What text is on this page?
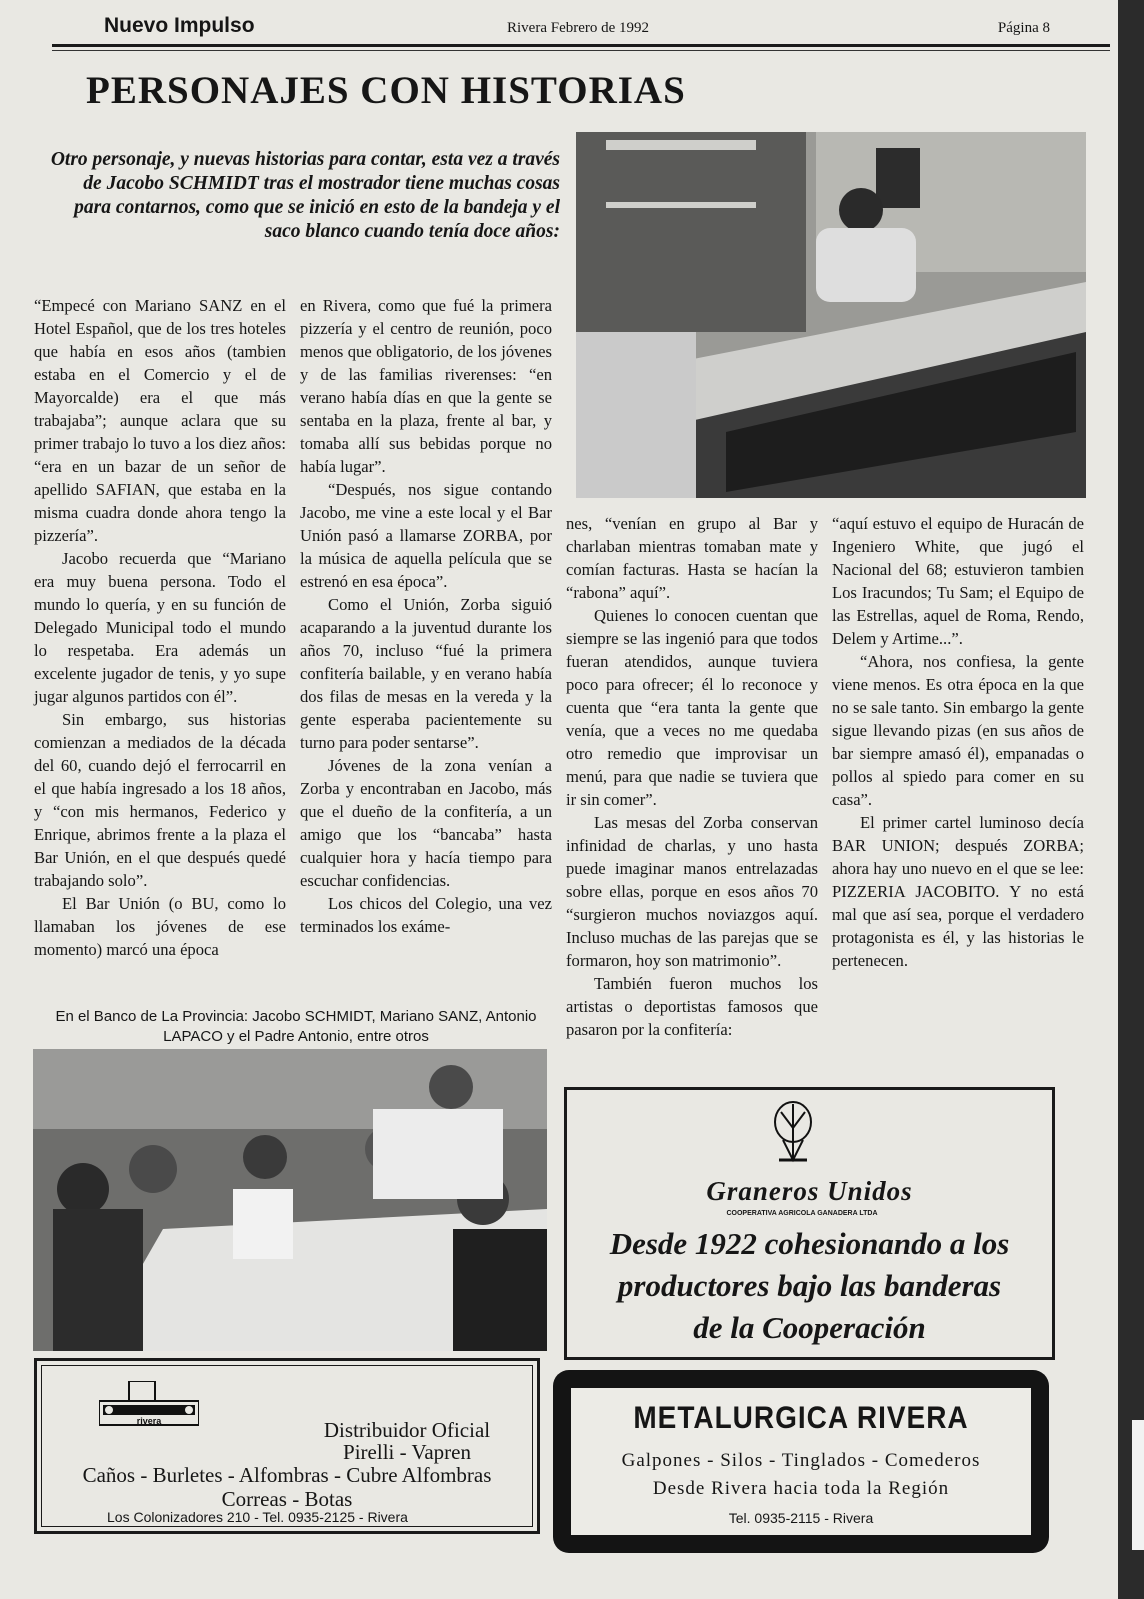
Nuevo Impulso	Rivera Febrero de 1992	Página 8
PERSONAJES CON HISTORIAS

Otro personaje, y nuevas historias para contar, esta vez a través de Jacobo SCHMIDT tras el mostrador tiene muchas cosas para contarnos, como que se inició en esto de la bandeja y el saco blanco cuando tenía doce años:

“Empecé con Mariano SANZ en el Hotel Español, que de los tres hoteles que había en esos años (tambien estaba en el Comercio y el de Mayorcalde) era el que más trabajaba”; aunque aclara que su primer trabajo lo tuvo a los diez años: “era en un bazar de un señor de apellido SAFIAN, que estaba en la misma cuadra donde ahora tengo la pizzería”.

Jacobo recuerda que “Mariano era muy buena persona. Todo el mundo lo quería, y en su función de Delegado Municipal todo el mundo lo respetaba. Era además un excelente jugador de tenis, y yo supe jugar algunos partidos con él”.

Sin embargo, sus historias comienzan a mediados de la década del 60, cuando dejó el ferrocarril en el que había ingresado a los 18 años, y “con mis hermanos, Federico y Enrique, abrimos frente a la plaza el Bar Unión, en el que después quedé trabajando solo”.

El Bar Unión (o BU, como lo llamaban los jóvenes de ese momento) marcó una época

en Rivera, como que fué la primera pizzería y el centro de reunión, poco menos que obligatorio, de los jóvenes y de las familias riverenses: “en verano había días en que la gente se sentaba en la plaza, frente al bar, y tomaba allí sus bebidas porque no había lugar”.

“Después, nos sigue contando Jacobo, me vine a este local y el Bar Unión pasó a llamarse ZORBA, por la música de aquella película que se estrenó en esa época”.

Como el Unión, Zorba siguió acaparando a la juventud durante los años 70, incluso “fué la primera confitería bailable, y en verano había dos filas de mesas en la vereda y la gente esperaba pacientemente su turno para poder sentarse”.

Jóvenes de la zona venían a Zorba y encontraban en Jacobo, más que el dueño de la confitería, a un amigo que los “bancaba” hasta cualquier hora y hacía tiempo para escuchar confidencias.

Los chicos del Colegio, una vez terminados los exáme-

nes, “venían en grupo al Bar y charlaban mientras tomaban mate y comían facturas. Hasta se hacían la “rabona” aquí”.

Quienes lo conocen cuentan que siempre se las ingenió para que todos fueran atendidos, aunque tuviera poco para ofrecer; él lo reconoce y cuenta que “era tanta la gente que venía, que a veces no me quedaba otro remedio que improvisar un menú, para que nadie se tuviera que ir sin comer”.

Las mesas del Zorba conservan infinidad de charlas, y uno hasta puede imaginar manos entrelazadas sobre ellas, porque en esos años 70 “surgieron muchos noviazgos aquí. Incluso muchas de las parejas que se formaron, hoy son matrimonio”.

También fueron muchos los artistas o deportistas famosos que pasaron por la confitería:

“aquí estuvo el equipo de Huracán de Ingeniero White, que jugó el Nacional del 68; estuvieron tambien Los Iracundos; Tu Sam; el Equipo de las Estrellas, aquel de Roma, Rendo, Delem y Artime...”.

“Ahora, nos confiesa, la gente viene menos. Es otra época en la que no se sale tanto. Sin embargo la gente sigue llevando pizas (en sus años de bar siempre amasó él), empanadas o pollos al spiedo para comer en su casa”.

El primer cartel luminoso decía BAR UNION; después ZORBA; ahora hay uno nuevo en el que se lee: PIZZERIA JACOBITO. Y no está mal que así sea, porque el verdadero protagonista es él, y las historias le pertenecen.

En el Banco de La Provincia: Jacobo SCHMIDT, Mariano SANZ, Antonio LAPACO y el Padre Antonio, entre otros
rivera	Distribuidor Oficial
Pirelli - Vapren
Caños - Burletes - Alfombras - Cubre Alfombras
Correas - Botas
Los Colonizadores 210 - Tel. 0935-2125 - Rivera
Graneros Unidos
COOPERATIVA AGRICOLA GANADERA LTDA
Desde 1922 cohesionando a los
productores bajo las banderas
de la Cooperación
METALURGICA RIVERA
Galpones - Silos - Tinglados - Comederos
Desde Rivera hacia toda la Región
Tel. 0935-2115 - Rivera
